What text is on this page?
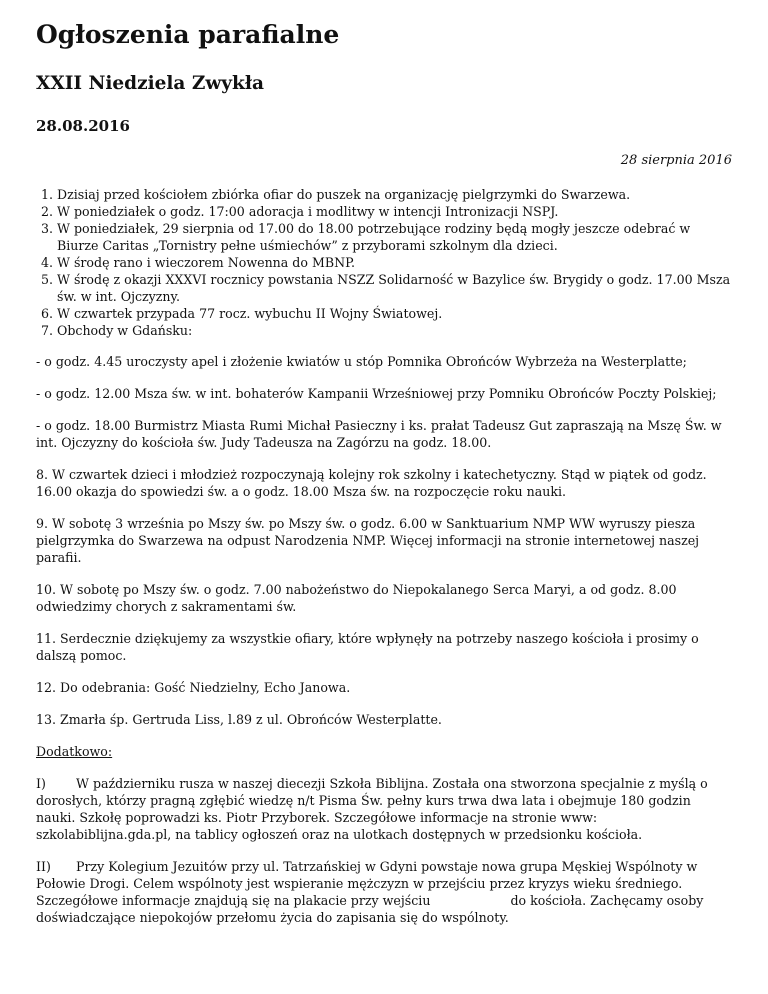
Ogłoszenia parafialne
XXII Niedziela Zwykła
28.08.2016
28 sierpnia 2016
1. Dzisiaj przed kościołem zbiórka ofiar do puszek na organizację pielgrzymki do Swarzewa.
2. W poniedziałek o godz. 17:00 adoracja i modlitwy w intencji Intronizacji NSPJ.
3. W poniedziałek, 29 sierpnia od 17.00 do 18.00 potrzebujące rodziny będą mogły jeszcze odebrać w Biurze Caritas „Tornistry pełne uśmiechów” z przyborami szkolnym dla dzieci.
4. W środę rano i wieczorem Nowenna do MBNP.
5. W środę z okazji XXXVI rocznicy powstania NSZZ Solidarność w Bazylice św. Brygidy o godz. 17.00 Msza św. w int. Ojczyzny.
6. W czwartek przypada 77 rocz. wybuchu II Wojny Światowej.
7. Obchody w Gdańsku:

- o godz. 4.45 uroczysty apel i złożenie kwiatów u stóp Pomnika Obrońców Wybrzeża na Westerplatte;

- o godz. 12.00 Msza św. w int. bohaterów Kampanii Wrześniowej przy Pomniku Obrońców Poczty Polskiej;

- o godz. 18.00 Burmistrz Miasta Rumi Michał Pasieczny i ks. prałat Tadeusz Gut zapraszają na Mszę Św. w int. Ojczyzny do kościoła św. Judy Tadeusza na Zagórzu na godz. 18.00.

8. W czwartek dzieci i młodzież rozpoczynają kolejny rok szkolny i katechetyczny. Stąd w piątek od godz. 16.00 okazja do spowiedzi św. a o godz. 18.00 Msza św. na rozpoczęcie roku nauki.

9. W sobotę 3 września po Mszy św. po Mszy św. o godz. 6.00 w Sanktuarium NMP WW wyruszy piesza pielgrzymka do Swarzewa na odpust Narodzenia NMP. Więcej informacji na stronie internetowej naszej parafii.

10. W sobotę po Mszy św. o godz. 7.00 nabożeństwo do Niepokalanego Serca Maryi, a od godz. 8.00 odwiedzimy chorych z sakramentami św.

11. Serdecznie dziękujemy za wszystkie ofiary, które wpłynęły na potrzeby naszego kościoła i prosimy o dalszą pomoc.

12. Do odebrania: Gość Niedzielny, Echo Janowa.

13. Zmarła śp. Gertruda Liss, l.89 z ul. Obrońców Westerplatte.

Dodatkowo:

I) W październiku rusza w naszej diecezji Szkoła Biblijna. Została ona stworzona specjalnie z myślą o dorosłych, którzy pragną zgłębić wiedzę n/t Pisma Św. pełny kurs trwa dwa lata i obejmuje 180 godzin nauki. Szkołę poprowadzi ks. Piotr Przyborek. Szczegółowe informacje na stronie www: szkolabiblijna.gda.pl, na tablicy ogłoszeń oraz na ulotkach dostępnych w przedsionku kościoła.

II) Przy Kolegium Jezuitów przy ul. Tatrzańskiej w Gdyni powstaje nowa grupa Męskiej Wspólnoty w Połowie Drogi. Celem wspólnoty jest wspieranie mężczyzn w przejściu przez kryzys wieku średniego. Szczegółowe informacje znajdują się na plakacie przy wejściu                    do kościoła. Zachęcamy osoby doświadczające niepokojów przełomu życia do zapisania się do wspólnoty.
